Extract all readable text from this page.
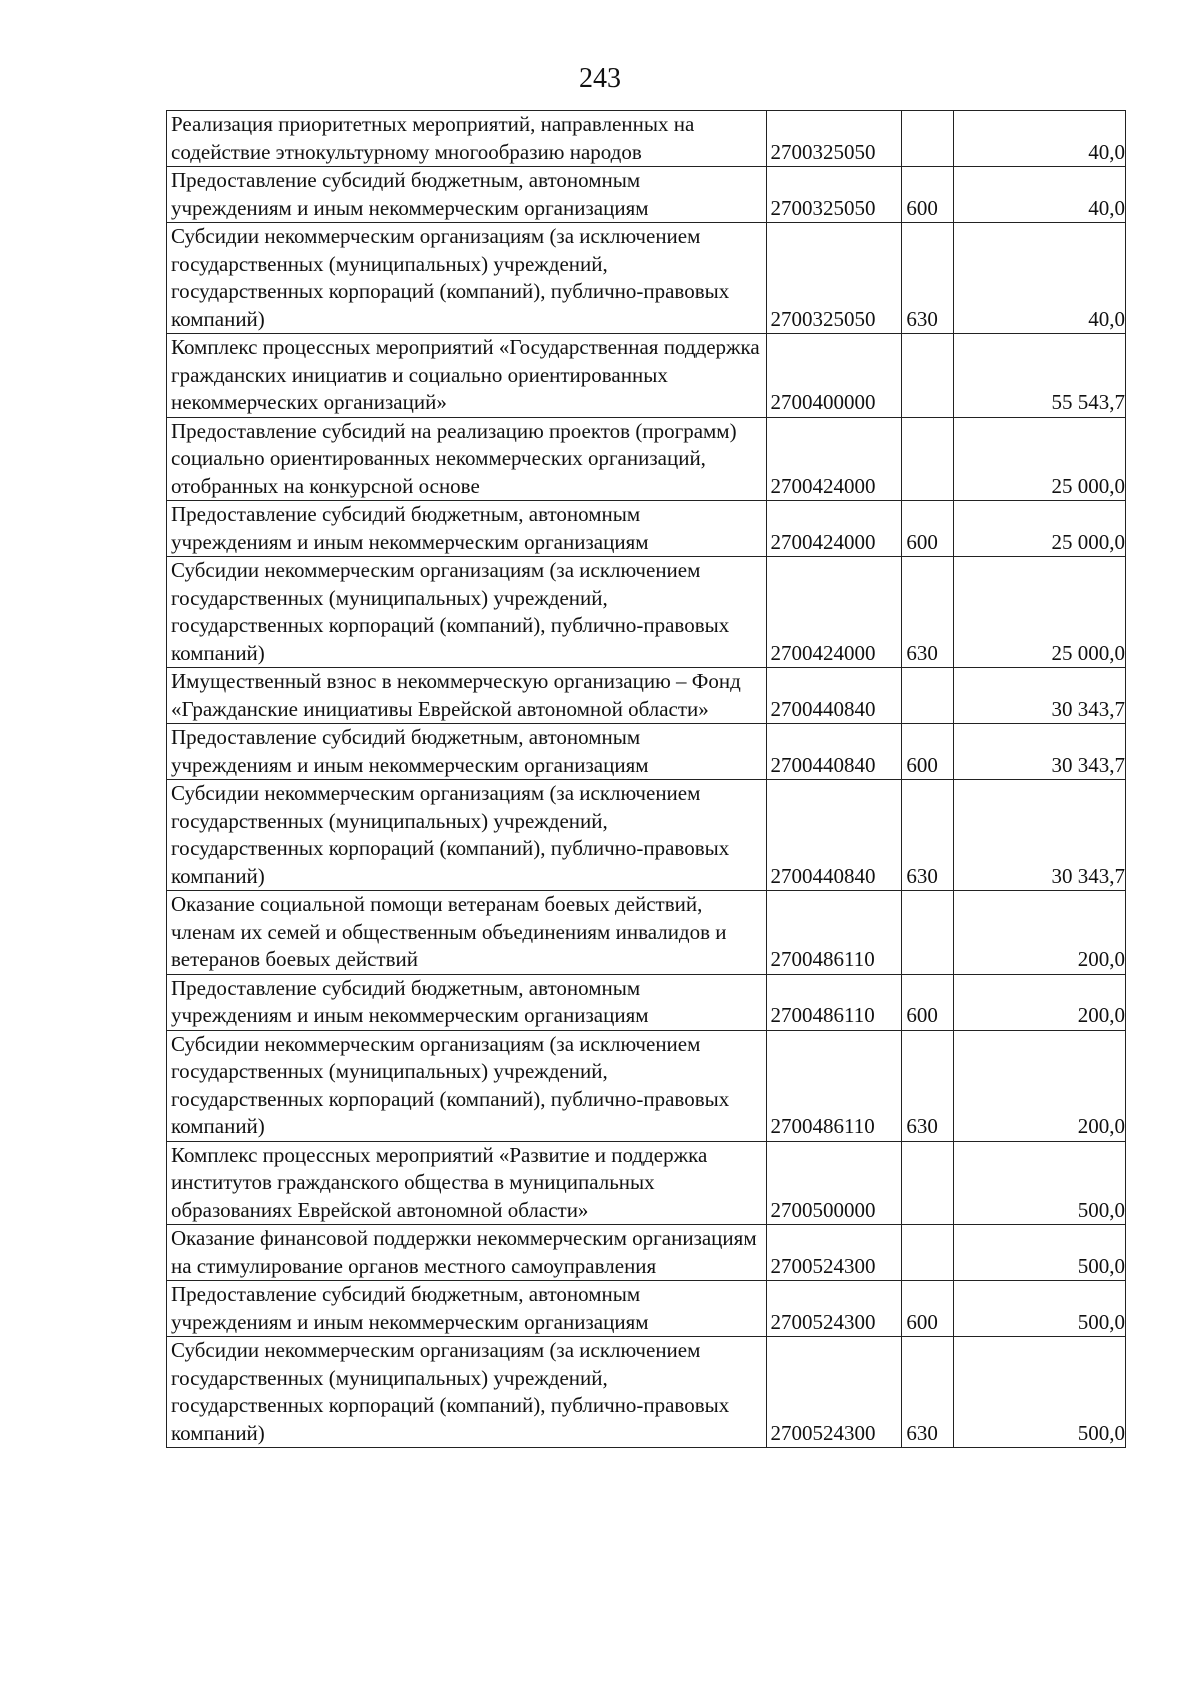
243
Реализация приоритетных мероприятий, направленных на содействие этнокультурному многообразию народов	2700325050		40,0
Предоставление субсидий бюджетным, автономным учреждениям и иным некоммерческим организациям	2700325050	600	40,0
Субсидии некоммерческим организациям (за исключением государственных (муниципальных) учреждений, государственных корпораций (компаний), публично-правовых компаний)	2700325050	630	40,0
Комплекс процессных мероприятий «Государственная поддержка гражданских инициатив и социально ориентированных некоммерческих организаций»	2700400000		55 543,7
Предоставление субсидий на реализацию проектов (программ) социально ориентированных некоммерческих организаций, отобранных на конкурсной основе	2700424000		25 000,0
Предоставление субсидий бюджетным, автономным учреждениям и иным некоммерческим организациям	2700424000	600	25 000,0
Субсидии некоммерческим организациям (за исключением государственных (муниципальных) учреждений, государственных корпораций (компаний), публично-правовых компаний)	2700424000	630	25 000,0
Имущественный взнос в некоммерческую организацию – Фонд «Гражданские инициативы Еврейской автономной области»	2700440840		30 343,7
Предоставление субсидий бюджетным, автономным учреждениям и иным некоммерческим организациям	2700440840	600	30 343,7
Субсидии некоммерческим организациям (за исключением государственных (муниципальных) учреждений, государственных корпораций (компаний), публично-правовых компаний)	2700440840	630	30 343,7
Оказание социальной помощи ветеранам боевых действий, членам их семей и общественным объединениям инвалидов и ветеранов боевых действий	2700486110		200,0
Предоставление субсидий бюджетным, автономным учреждениям и иным некоммерческим организациям	2700486110	600	200,0
Субсидии некоммерческим организациям (за исключением государственных (муниципальных) учреждений, государственных корпораций (компаний), публично-правовых компаний)	2700486110	630	200,0
Комплекс процессных мероприятий «Развитие и поддержка институтов гражданского общества в муниципальных образованиях Еврейской автономной области»	2700500000		500,0
Оказание финансовой поддержки некоммерческим организациям на стимулирование органов местного самоуправления	2700524300		500,0
Предоставление субсидий бюджетным, автономным учреждениям и иным некоммерческим организациям	2700524300	600	500,0
Субсидии некоммерческим организациям (за исключением государственных (муниципальных) учреждений, государственных корпораций (компаний), публично-правовых компаний)	2700524300	630	500,0
